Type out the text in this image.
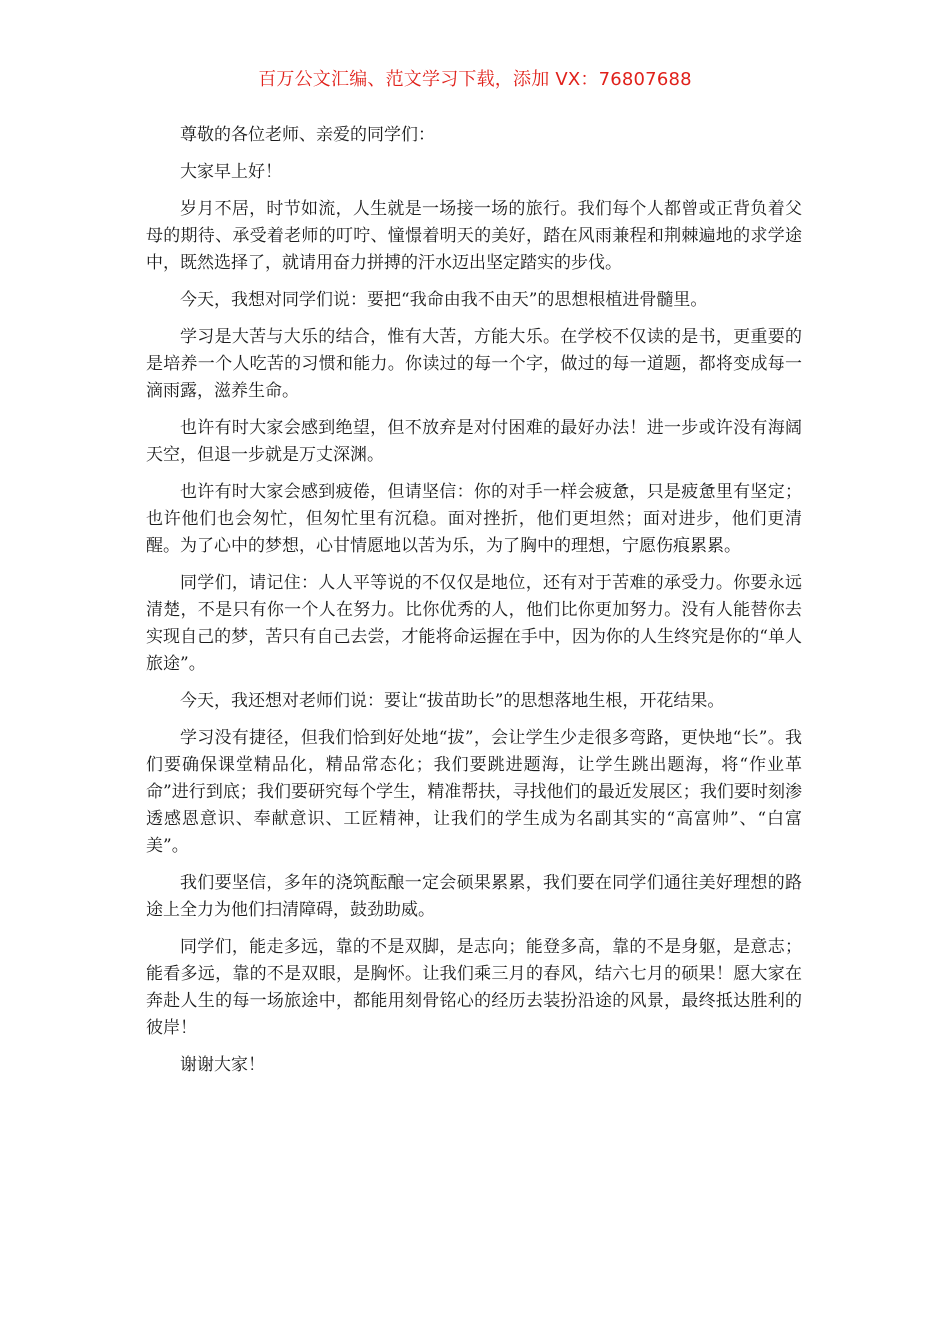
百万公文汇编、范文学习下载，添加 VX：76807688

尊敬的各位老师、亲爱的同学们：

大家早上好！

岁月不居，时节如流，人生就是一场接一场的旅行。我们每个人都曾或正背负着父母的期待、承受着老师的叮咛、憧憬着明天的美好，踏在风雨兼程和荆棘遍地的求学途中，既然选择了，就请用奋力拼搏的汗水迈出坚定踏实的步伐。

今天，我想对同学们说：要把“我命由我不由天”的思想根植进骨髓里。

学习是大苦与大乐的结合，惟有大苦，方能大乐。在学校不仅读的是书，更重要的是培养一个人吃苦的习惯和能力。你读过的每一个字，做过的每一道题，都将变成每一滴雨露，滋养生命。

也许有时大家会感到绝望，但不放弃是对付困难的最好办法！进一步或许没有海阔天空，但退一步就是万丈深渊。

也许有时大家会感到疲倦，但请坚信：你的对手一样会疲惫，只是疲惫里有坚定；也许他们也会匆忙，但匆忙里有沉稳。面对挫折，他们更坦然；面对进步，他们更清醒。为了心中的梦想，心甘情愿地以苦为乐，为了胸中的理想，宁愿伤痕累累。

同学们，请记住：人人平等说的不仅仅是地位，还有对于苦难的承受力。你要永远清楚，不是只有你一个人在努力。比你优秀的人，他们比你更加努力。没有人能替你去实现自己的梦，苦只有自己去尝，才能将命运握在手中，因为你的人生终究是你的“单人旅途”。

今天，我还想对老师们说：要让“拔苗助长”的思想落地生根，开花结果。

学习没有捷径，但我们恰到好处地“拔”，会让学生少走很多弯路，更快地“长”。我们要确保课堂精品化，精品常态化；我们要跳进题海，让学生跳出题海，将“作业革命”进行到底；我们要研究每个学生，精准帮扶，寻找他们的最近发展区；我们要时刻渗透感恩意识、奉献意识、工匠精神，让我们的学生成为名副其实的“高富帅”、“白富美”。

我们要坚信，多年的浇筑酝酿一定会硕果累累，我们要在同学们通往美好理想的路途上全力为他们扫清障碍，鼓劲助威。

同学们，能走多远，靠的不是双脚，是志向；能登多高，靠的不是身躯，是意志；能看多远，靠的不是双眼，是胸怀。让我们乘三月的春风，结六七月的硕果！愿大家在奔赴人生的每一场旅途中，都能用刻骨铭心的经历去装扮沿途的风景，最终抵达胜利的彼岸！

谢谢大家！
